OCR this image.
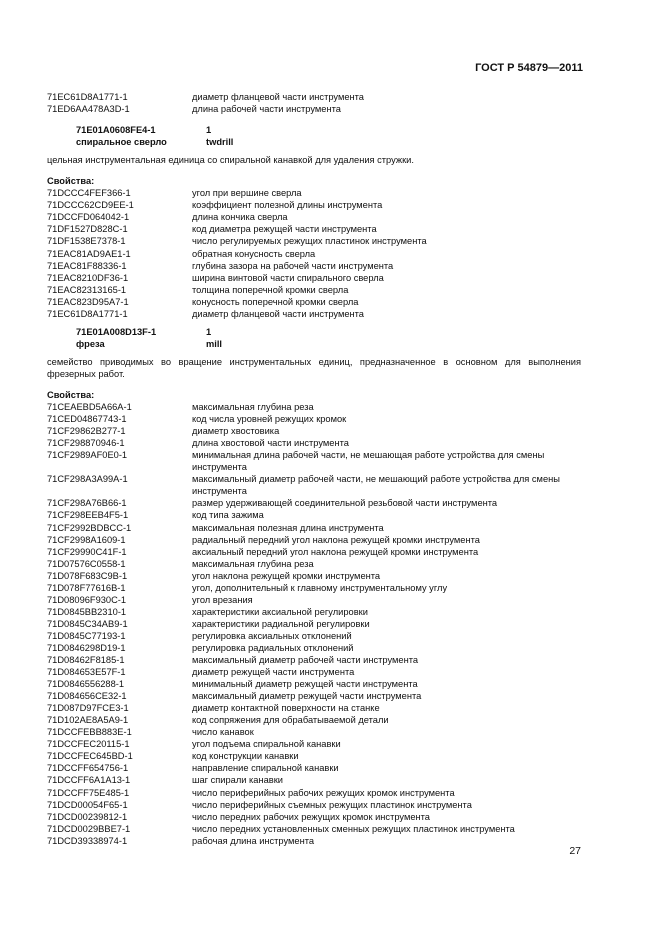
ГОСТ Р 54879—2011
71EC61D8A1771-1	диаметр фланцевой части инструмента
71ED6AA478A3D-1	длина рабочей части инструмента
71E01A0608FE4-1	1
спиральное сверло	twdrill
цельная инструментальная единица со спиральной канавкой для удаления стружки.
Свойства:
71DCCC4FEF366-1	угол при вершине сверла
71DCCC62CD9EE-1	коэффициент полезной длины инструмента
71DCCFD064042-1	длина кончика сверла
71DF1527D828C-1	код диаметра режущей части инструмента
71DF1538E7378-1	число регулируемых режущих пластинок инструмента
71EAC81AD9AE1-1	обратная конусность сверла
71EAC81F88336-1	глубина зазора на рабочей части инструмента
71EAC8210DF36-1	ширина винтовой части спирального сверла
71EAC82313165-1	толщина поперечной кромки сверла
71EAC823D95A7-1	конусность поперечной кромки сверла
71EC61D8A1771-1	диаметр фланцевой части инструмента
71E01A008D13F-1	1
фреза	mill
семейство приводимых во вращение инструментальных единиц, предназначенное в основном для выполнения фрезерных работ.
Свойства:
71CEAEBD5A66A-1	максимальная глубина реза
71CED04867743-1	код числа уровней режущих кромок
71CF29862B277-1	диаметр хвостовика
71CF298870946-1	длина хвостовой части инструмента
71CF2989AF0E0-1	минимальная длина рабочей части, не мешающая работе устройства для смены инструмента
71CF298A3A99A-1	максимальный диаметр рабочей части, не мешающий работе устройства для смены инструмента
71CF298A76B66-1	размер удерживающей соединительной резьбовой части инструмента
71CF298EEB4F5-1	код типа зажима
71CF2992BDBCC-1	максимальная полезная длина инструмента
71CF2998A1609-1	радиальный передний угол наклона режущей кромки инструмента
71CF29990C41F-1	аксиальный передний угол наклона режущей кромки инструмента
71D07576C0558-1	максимальная глубина реза
71D078F683C9B-1	угол наклона режущей кромки инструмента
71D078F77616B-1	угол, дополнительный к главному инструментальному углу
71D08096F930C-1	угол врезания
71D0845BB2310-1	характеристики аксиальной регулировки
71D0845C34AB9-1	характеристики радиальной регулировки
71D0845C77193-1	регулировка аксиальных отклонений
71D0846298D19-1	регулировка радиальных отклонений
71D08462F8185-1	максимальный диаметр рабочей части инструмента
71D084653E57F-1	диаметр режущей части инструмента
71D0846556288-1	минимальный диаметр режущей части инструмента
71D084656CE32-1	максимальный диаметр режущей части инструмента
71D087D97FCE3-1	диаметр контактной поверхности на станке
71D102AE8A5A9-1	код сопряжения для обрабатываемой детали
71DCCFEBB883E-1	число канавок
71DCCFEC20115-1	угол подъема спиральной канавки
71DCCFEC645BD-1	код конструкции канавки
71DCCFF654756-1	направление спиральной канавки
71DCCFF6A1A13-1	шаг спирали канавки
71DCCFF75E485-1	число периферийных рабочих режущих кромок инструмента
71DCD00054F65-1	число периферийных съемных режущих пластинок инструмента
71DCD00239812-1	число передних рабочих режущих кромок инструмента
71DCD0029BBE7-1	число передних установленных сменных режущих пластинок инструмента
71DCD39338974-1	рабочая длина инструмента
27
